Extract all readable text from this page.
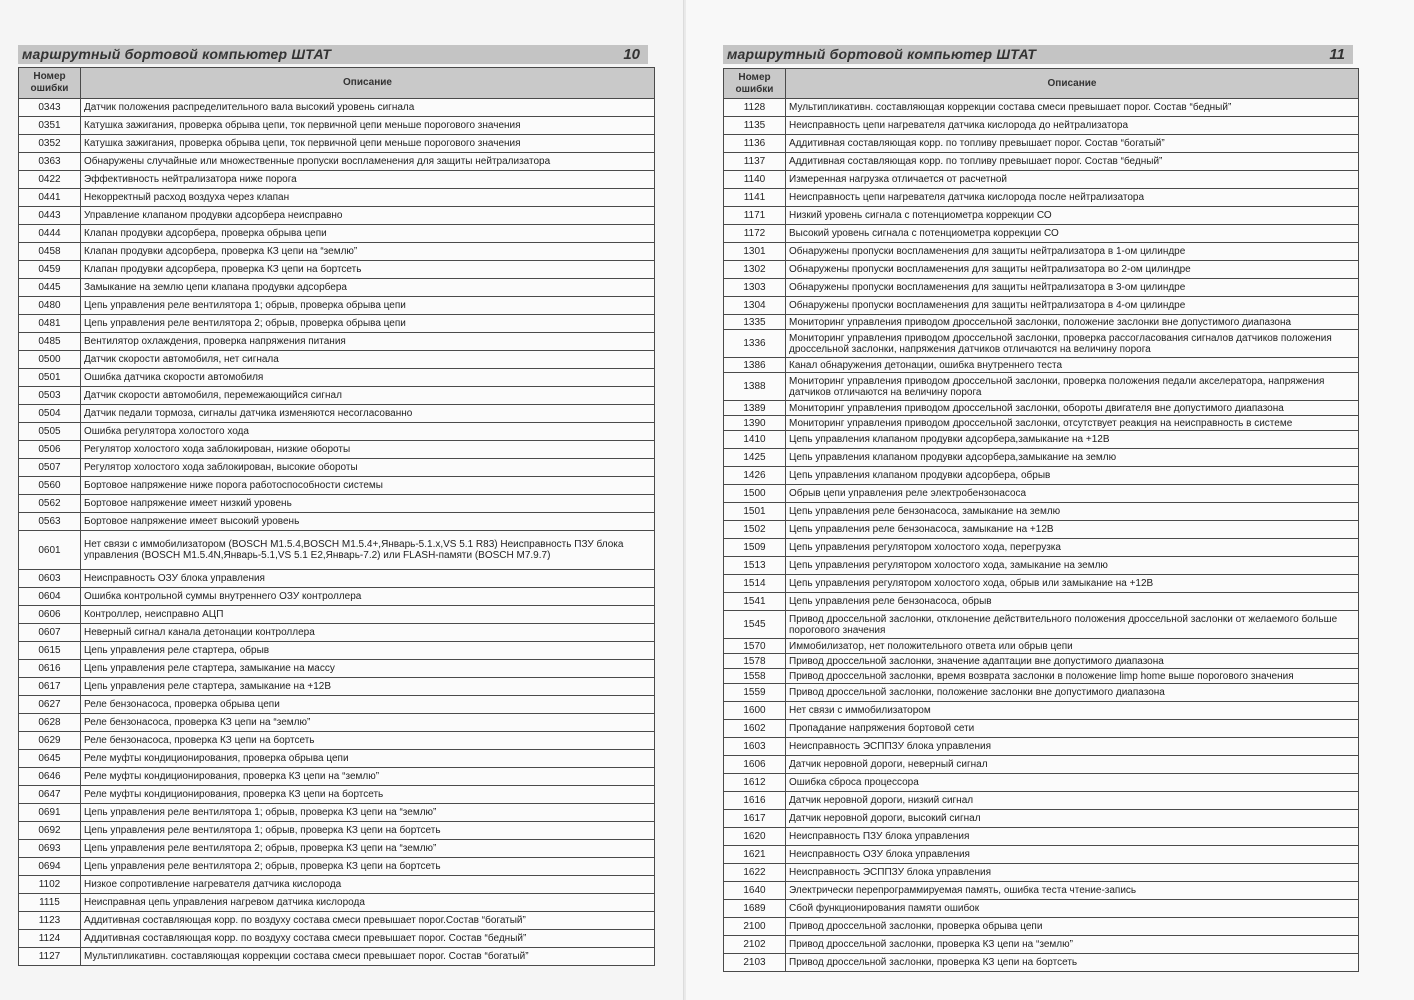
маршрутный бортовой компьютер ШТАТ	10	маршрутный бортовой компьютер ШТАТ	11
Номер ошибки	Описание
0343	Датчик положения распределительного вала высокий уровень сигнала
0351	Катушка зажигания, проверка обрыва цепи, ток первичной цепи меньше порогового значения
0352	Катушка зажигания, проверка обрыва цепи, ток первичной цепи меньше порогового значения
0363	Обнаружены случайные или множественные пропуски воспламенения для защиты нейтрализатора
0422	Эффективность нейтрализатора ниже порога
0441	Некорректный расход воздуха через клапан
0443	Управление клапаном продувки адсорбера неисправно
0444	Клапан продувки адсорбера, проверка обрыва цепи
0458	Клапан продувки адсорбера, проверка КЗ цепи на “землю”
0459	Клапан продувки адсорбера, проверка КЗ цепи на бортсеть
0445	Замыкание на землю цепи клапана продувки адсорбера
0480	Цепь управления реле вентилятора 1; обрыв, проверка обрыва цепи
0481	Цепь управления реле вентилятора 2; обрыв, проверка обрыва цепи
0485	Вентилятор охлаждения, проверка напряжения питания
0500	Датчик скорости автомобиля, нет сигнала
0501	Ошибка датчика скорости автомобиля
0503	Датчик скорости автомобиля, перемежающийся сигнал
0504	Датчик педали тормоза, сигналы датчика изменяются несогласованно
0505	Ошибка регулятора холостого хода
0506	Регулятор холостого хода заблокирован, низкие обороты
0507	Регулятор холостого хода заблокирован, высокие обороты
0560	Бортовое напряжение ниже порога работоспособности системы
0562	Бортовое напряжение имеет низкий уровень
0563	Бортовое напряжение имеет высокий уровень
0601	Нет связи с иммобилизатором (BOSCH M1.5.4,BOSCH M1.5.4+,Январь-5.1.x,VS 5.1 R83) Неисправность ПЗУ блока управления (BOSCH M1.5.4N,Январь-5.1,VS 5.1 E2,Январь-7.2) или FLASH-памяти (BOSCH M7.9.7)
0603	Неисправность ОЗУ блока управления
0604	Ошибка контрольной суммы внутреннего ОЗУ контроллера
0606	Контроллер, неисправно АЦП
0607	Неверный сигнал канала детонации контроллера
0615	Цепь управления реле стартера, обрыв
0616	Цепь управления реле стартера, замыкание на массу
0617	Цепь управления реле стартера, замыкание на +12В
0627	Реле бензонасоса, проверка обрыва цепи
0628	Реле бензонасоса, проверка КЗ цепи на “землю”
0629	Реле бензонасоса, проверка КЗ цепи на бортсеть
0645	Реле муфты кондиционирования, проверка обрыва цепи
0646	Реле муфты кондиционирования, проверка КЗ цепи на “землю”
0647	Реле муфты кондиционирования, проверка КЗ цепи на бортсеть
0691	Цепь управления реле вентилятора 1; обрыв, проверка КЗ цепи на “землю”
0692	Цепь управления реле вентилятора 1; обрыв, проверка КЗ цепи на бортсеть
0693	Цепь управления реле вентилятора 2; обрыв, проверка КЗ цепи на “землю”
0694	Цепь управления реле вентилятора 2; обрыв, проверка КЗ цепи на бортсеть
1102	Низкое сопротивление нагревателя датчика кислорода
1115	Неисправная цепь управления нагревом датчика кислорода
1123	Аддитивная составляющая корр. по воздуху состава смеси превышает порог.Состав “богатый”
1124	Аддитивная составляющая корр. по воздуху состава смеси превышает порог. Состав “бедный”
1127	Мультипликативн. составляющая коррекции состава смеси превышает порог. Состав “богатый”
Номер ошибки	Описание
1128	Мультипликативн. составляющая коррекции состава смеси превышает порог. Состав “бедный”
1135	Неисправность цепи нагревателя датчика кислорода до нейтрализатора
1136	Аддитивная составляющая корр. по топливу превышает порог. Состав “богатый”
1137	Аддитивная составляющая корр. по топливу превышает порог. Состав “бедный”
1140	Измеренная нагрузка отличается от расчетной
1141	Неисправность цепи нагревателя датчика кислорода после нейтрализатора
1171	Низкий уровень сигнала с потенциометра коррекции СО
1172	Высокий уровень сигнала с потенциометра коррекции СО
1301	Обнаружены пропуски воспламенения для защиты нейтрализатора в 1-ом цилиндре
1302	Обнаружены пропуски воспламенения для защиты нейтрализатора во 2-ом цилиндре
1303	Обнаружены пропуски воспламенения для защиты нейтрализатора в 3-ом цилиндре
1304	Обнаружены пропуски воспламенения для защиты нейтрализатора в 4-ом цилиндре
1335	Мониторинг управления приводом дроссельной заслонки, положение заслонки вне допустимого диапазона
1336	Мониторинг управления приводом дроссельной заслонки, проверка рассогласования сигналов датчиков положения дроссельной заслонки, напряжения датчиков отличаются на величину порога
1386	Канал обнаружения детонации, ошибка внутреннего теста
1388	Мониторинг управления приводом дроссельной заслонки, проверка положения педали акселератора, напряжения датчиков отличаются на величину порога
1389	Мониторинг управления приводом дроссельной заслонки, обороты двигателя вне допустимого диапазона
1390	Мониторинг управления приводом дроссельной заслонки, отсутствует реакция на неисправность в системе
1410	Цепь управления клапаном продувки адсорбера,замыкание на +12В
1425	Цепь управления клапаном продувки адсорбера,замыкание на землю
1426	Цепь управления клапаном продувки адсорбера, обрыв
1500	Обрыв цепи управления реле электробензонасоса
1501	Цепь управления реле бензонасоса, замыкание на землю
1502	Цепь управления реле бензонасоса, замыкание на +12В
1509	Цепь управления регулятором холостого хода, перегрузка
1513	Цепь управления регулятором холостого хода, замыкание на землю
1514	Цепь управления регулятором холостого хода, обрыв или замыкание на +12В
1541	Цепь управления реле бензонасоса, обрыв
1545	Привод дроссельной заслонки, отклонение действительного положения дроссельной заслонки от желаемого больше порогового значения
1570	Иммобилизатор, нет положительного ответа или обрыв цепи
1578	Привод дроссельной заслонки, значение адаптации вне допустимого диапазона
1558	Привод дроссельной заслонки, время возврата заслонки в положение limp home выше порогового значения
1559	Привод дроссельной заслонки, положение заслонки вне допустимого диапазона
1600	Нет связи с иммобилизатором
1602	Пропадание напряжения бортовой сети
1603	Неисправность ЭСППЗУ блока управления
1606	Датчик неровной дороги, неверный сигнал
1612	Ошибка сброса процессора
1616	Датчик неровной дороги, низкий сигнал
1617	Датчик неровной дороги, высокий сигнал
1620	Неисправность ПЗУ блока управления
1621	Неисправность ОЗУ блока управления
1622	Неисправность ЭСППЗУ блока управления
1640	Электрически перепрограммируемая память, ошибка теста чтение-запись
1689	Сбой функционирования памяти ошибок
2100	Привод дроссельной заслонки, проверка обрыва цепи
2102	Привод дроссельной заслонки, проверка КЗ цепи на “землю”
2103	Привод дроссельной заслонки, проверка КЗ цепи на бортсеть
